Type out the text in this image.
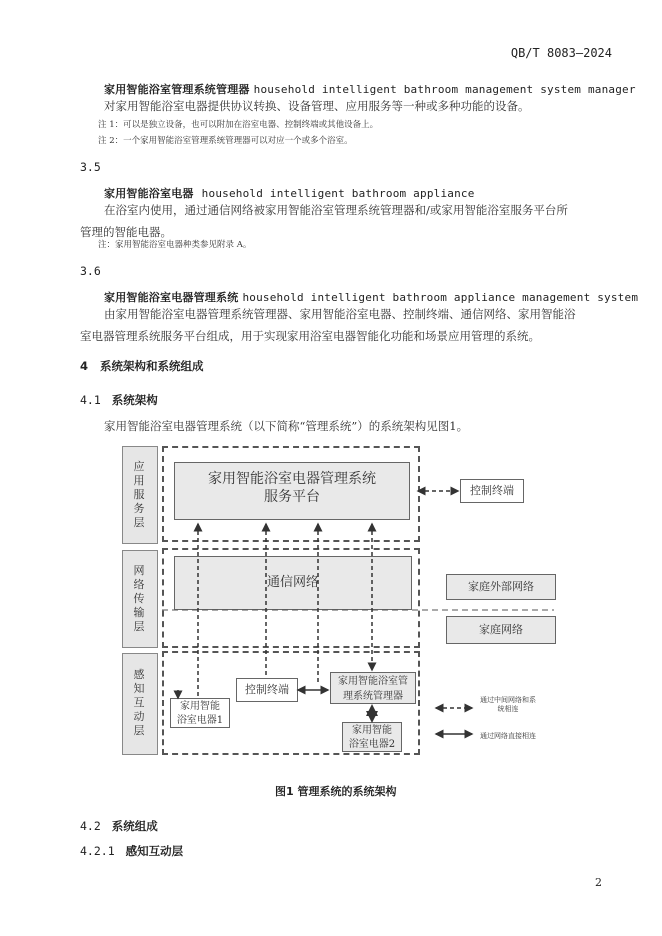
QB/T 8083—2024
家用智能浴室管理系统管理器 household intelligent bathroom management system manager
对家用智能浴室电器提供协议转换、设备管理、应用服务等一种或多种功能的设备。
注 1：可以是独立设备，也可以附加在浴室电器、控制终端或其他设备上。
注 2：一个家用智能浴室管理系统管理器可以对应一个或多个浴室。
3.5
家用智能浴室电器 household intelligent bathroom appliance
在浴室内使用，通过通信网络被家用智能浴室管理系统管理器和/或家用智能浴室服务平台所管理的智能电器。
注：家用智能浴室电器种类参见附录 A。
3.6
家用智能浴室电器管理系统 household intelligent bathroom appliance management system
由家用智能浴室电器管理系统管理器、家用智能浴室电器、控制终端、通信网络、家用智能浴室电器管理系统服务平台组成，用于实现家用浴室电器智能化功能和场景应用管理的系统。
4 系统架构和系统组成
4.1 系统架构
家用智能浴室电器管理系统（以下简称“管理系统”）的系统架构见图1。
应用服务层
网络传输层
感知互动层
家用智能浴室电器管理系统
服务平台
通信网络
控制终端
家庭外部网络
家庭网络
家用智能
浴室电器1
控制终端
家用智能浴室管
理系统管理器
家用智能
浴室电器2
通过中间网络和系
统相连
通过网络直接相连
图1 管理系统的系统架构
4.2 系统组成
4.2.1 感知互动层
2
